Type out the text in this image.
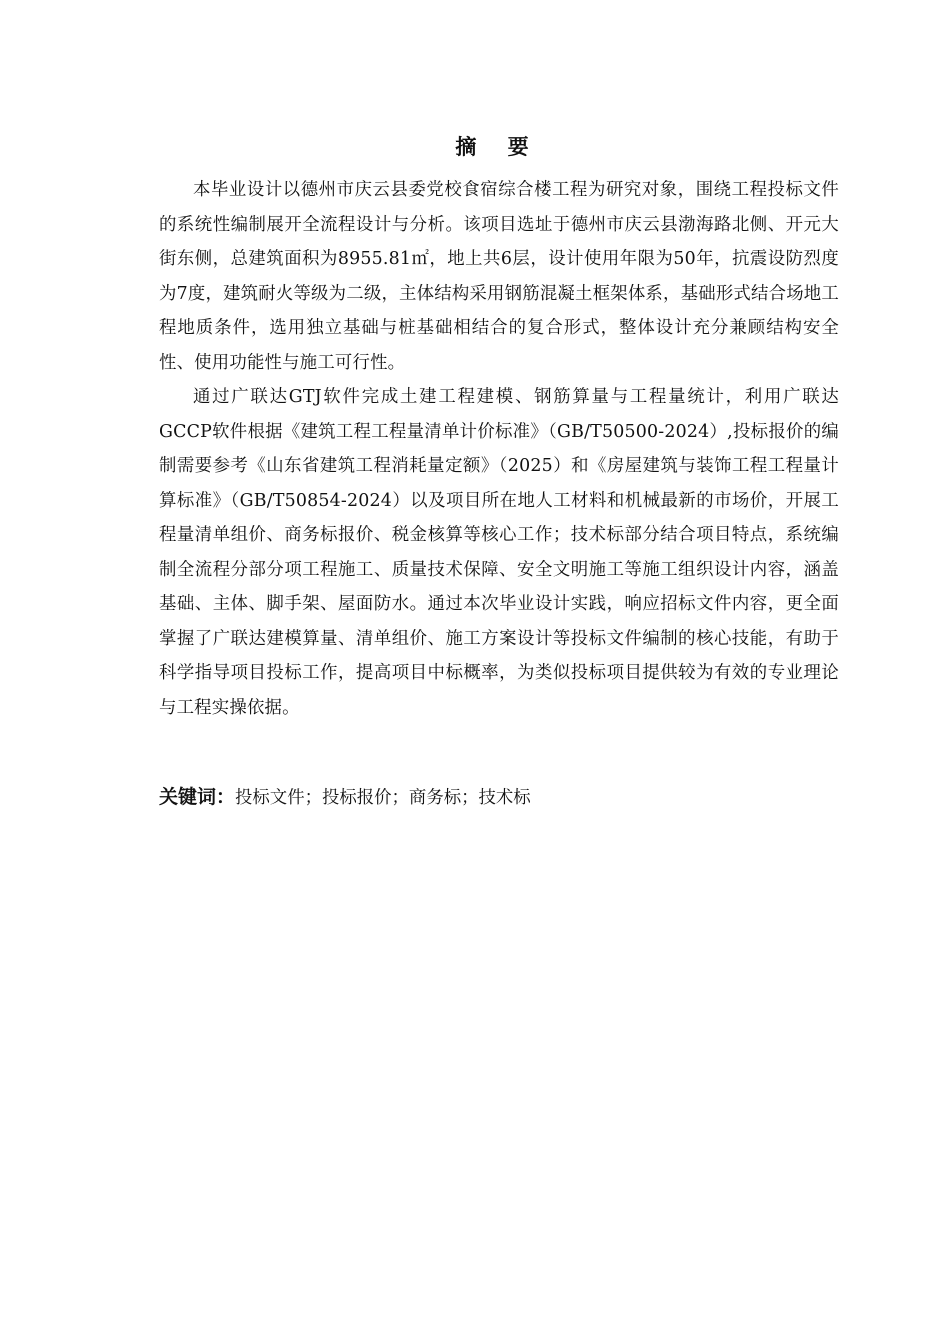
摘 要

本毕业设计以德州市庆云县委党校食宿综合楼工程为研究对象，围绕工程投标文件的系统性编制展开全流程设计与分析。该项目选址于德州市庆云县渤海路北侧、开元大街东侧，总建筑面积为8955.81㎡，地上共6层，设计使用年限为50年，抗震设防烈度为7度，建筑耐火等级为二级，主体结构采用钢筋混凝土框架体系，基础形式结合场地工程地质条件，选用独立基础与桩基础相结合的复合形式，整体设计充分兼顾结构安全性、使用功能性与施工可行性。

通过广联达GTJ软件完成土建工程建模、钢筋算量与工程量统计，利用广联达GCCP软件根据《建筑工程工程量清单计价标准》（GB/T50500-2024）,投标报价的编制需要参考《山东省建筑工程消耗量定额》（2025）和《房屋建筑与装饰工程工程量计算标准》（GB/T50854-2024）以及项目所在地人工材料和机械最新的市场价，开展工程量清单组价、商务标报价、税金核算等核心工作；技术标部分结合项目特点，系统编制全流程分部分项工程施工、质量技术保障、安全文明施工等施工组织设计内容，涵盖基础、主体、脚手架、屋面防水。通过本次毕业设计实践，响应招标文件内容，更全面掌握了广联达建模算量、清单组价、施工方案设计等投标文件编制的核心技能，有助于科学指导项目投标工作，提高项目中标概率，为类似投标项目提供较为有效的专业理论与工程实操依据。

关键词：投标文件；投标报价；商务标；技术标
